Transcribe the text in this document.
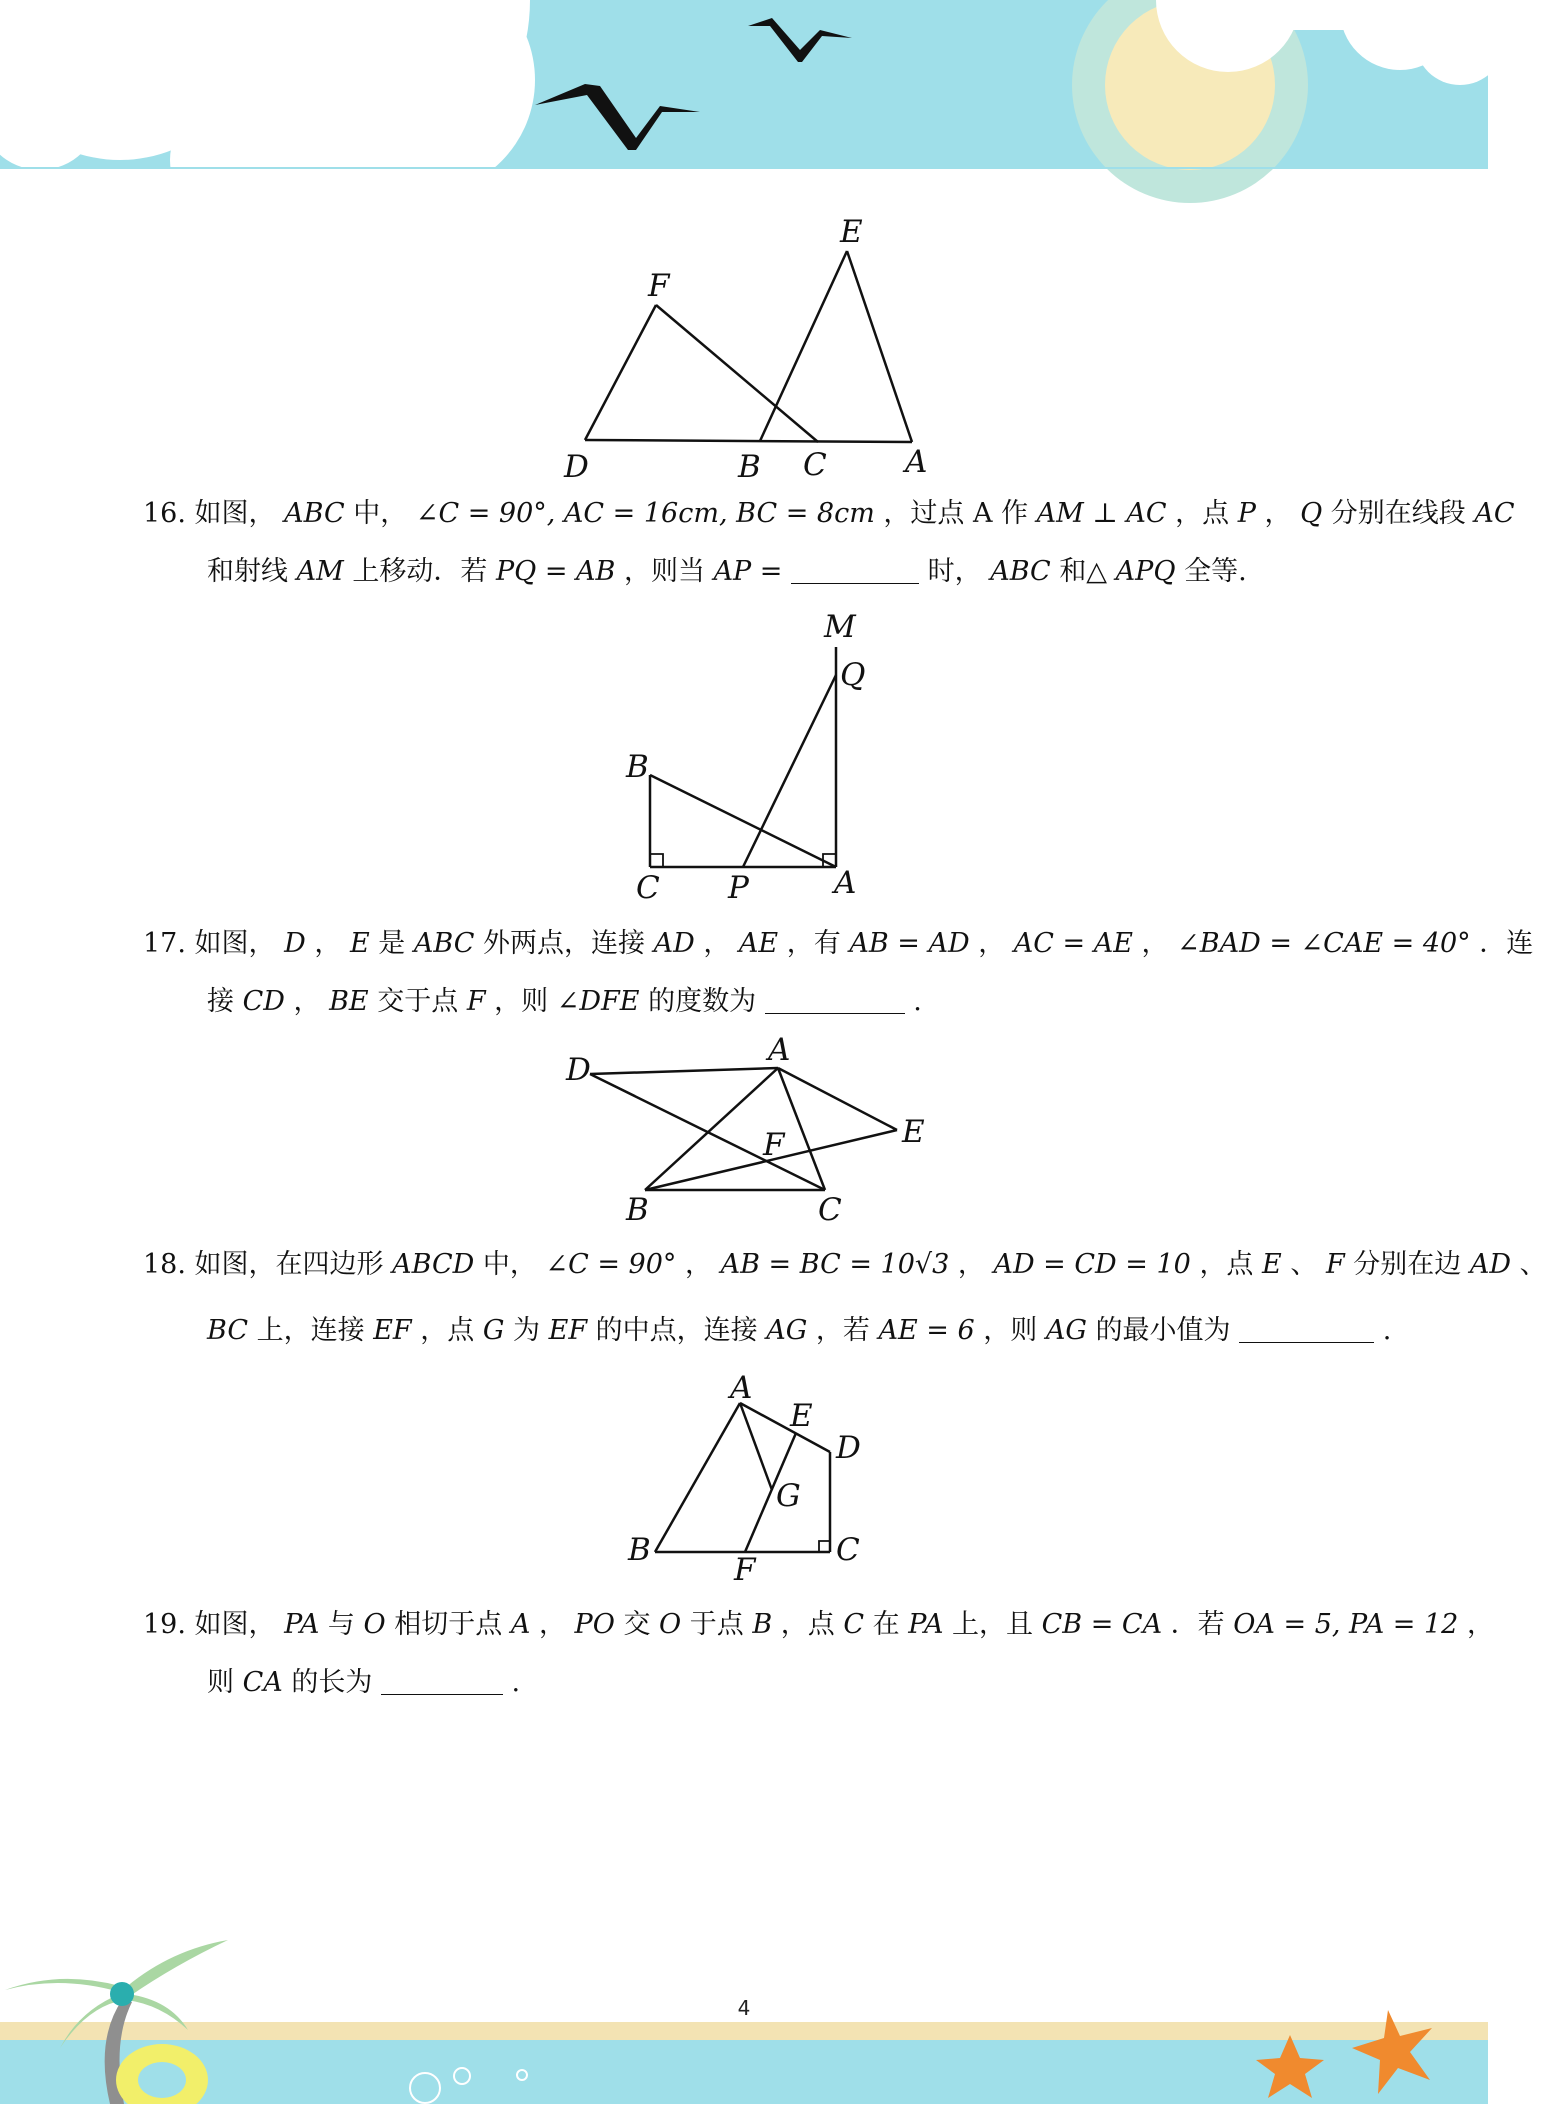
F
E
D	B C	A
16. 如图， ABC 中， ∠C = 90°, AC = 16cm, BC = 8cm ，过点 A 作 AM ⊥ AC ，点 P ， Q 分别在线段 AC
和射线 AM 上移动．若 PQ = AB ，则当 AP =	时， ABC 和△ APQ 全等.
M
Q
B
C P	A
17. 如图， D ， E 是 ABC 外两点，连接 AD ， AE ，有 AB = AD ， AC = AE ， ∠BAD = ∠CAE = 40° ．连
接 CD ， BE 交于点 F ，则 ∠DFE 的度数为	.
D
A
E
F
B	C
18. 如图，在四边形 ABCD 中， ∠C = 90° ， AB = BC = 10√3 ， AD = CD = 10 ，点 E 、 F 分别在边 AD 、
BC 上，连接 EF ，点 G 为 EF 的中点，连接 AG ，若 AE = 6 ，则 AG 的最小值为	.
A
E
D
G
B
F
C
19. 如图， PA 与 O 相切于点 A ， PO 交 O 于点 B ，点 C 在 PA 上，且 CB = CA ．若 OA = 5, PA = 12 ，
则 CA 的长为	.
4
